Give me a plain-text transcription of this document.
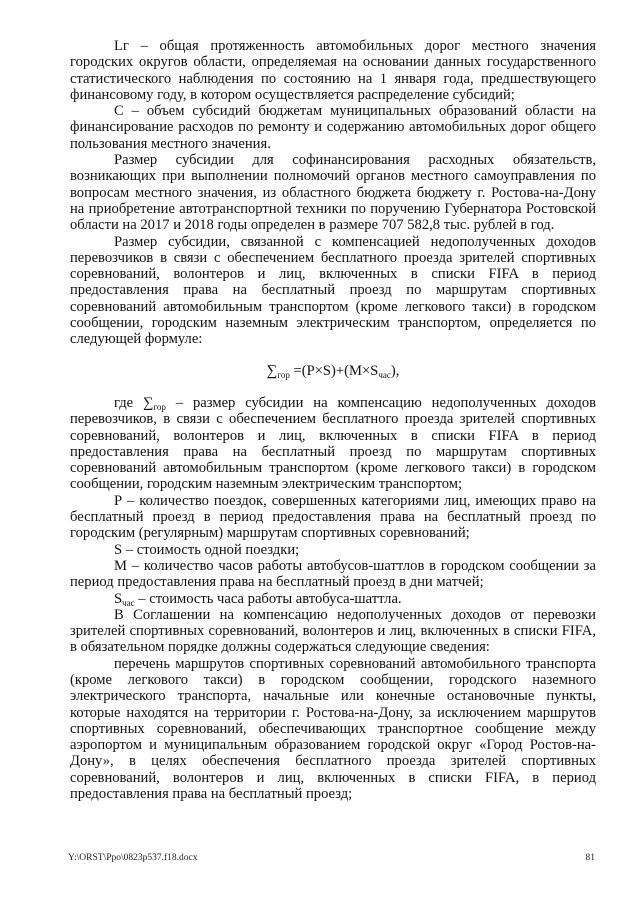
Lг – общая протяженность автомобильных дорог местного значения городских округов области, определяемая на основании данных государственного статистического наблюдения по состоянию на 1 января года, предшествующего финансовому году, в котором осуществляется распределение субсидий;

С – объем субсидий бюджетам муниципальных образований области на финансирование расходов по ремонту и содержанию автомобильных дорог общего пользования местного значения.

Размер субсидии для софинансирования расходных обязательств, возникающих при выполнении полномочий органов местного самоуправления по вопросам местного значения, из областного бюджета бюджету г. Ростова-на-Дону на приобретение автотранспортной техники по поручению Губернатора Ростовской области на 2017 и 2018 годы определен в размере 707 582,8 тыс. рублей в год.

Размер субсидии, связанной с компенсацией недополученных доходов перевозчиков в связи с обеспечением бесплатного проезда зрителей спортивных соревнований, волонтеров и лиц, включенных в списки FIFA в период предоставления права на бесплатный проезд по маршрутам спортивных соревнований автомобильным транспортом (кроме легкового такси) в городском сообщении, городским наземным электрическим транспортом, определяется по следующей формуле:

$\sum_{гор} =(P\times S)+(M\times S_{час})$,

где $\sum_{гор}$ – размер субсидии на компенсацию недополученных доходов перевозчиков, в связи с обеспечением бесплатного проезда зрителей спортивных соревнований, волонтеров и лиц, включенных в списки FIFA в период предоставления права на бесплатный проезд по маршрутам спортивных соревнований автомобильным транспортом (кроме легкового такси) в городском сообщении, городским наземным электрическим транспортом;

Р – количество поездок, совершенных категориями лиц, имеющих право на бесплатный проезд в период предоставления права на бесплатный проезд по городским (регулярным) маршрутам спортивных соревнований;

S – стоимость одной поездки;

М – количество часов работы автобусов-шаттлов в городском сообщении за период предоставления права на бесплатный проезд в дни матчей;

$S_{час}$ – стоимость часа работы автобуса-шаттла.

В Соглашении на компенсацию недополученных доходов от перевозки зрителей спортивных соревнований, волонтеров и лиц, включенных в списки FIFA, в обязательном порядке должны содержаться следующие сведения:

перечень маршрутов спортивных соревнований автомобильного транспорта (кроме легкового такси) в городском сообщении, городского наземного электрического транспорта, начальные или конечные остановочные пункты, которые находятся на территории г. Ростова-на-Дону, за исключением маршрутов спортивных соревнований, обеспечивающих транспортное сообщение между аэропортом и муниципальным образованием городской округ «Город Ростов-на-Дону», в целях обеспечения бесплатного проезда зрителей спортивных соревнований, волонтеров и лиц, включенных в списки FIFA, в период предоставления права на бесплатный проезд;

Y:\ORST\Ppo\0823p537.f18.docx	81
